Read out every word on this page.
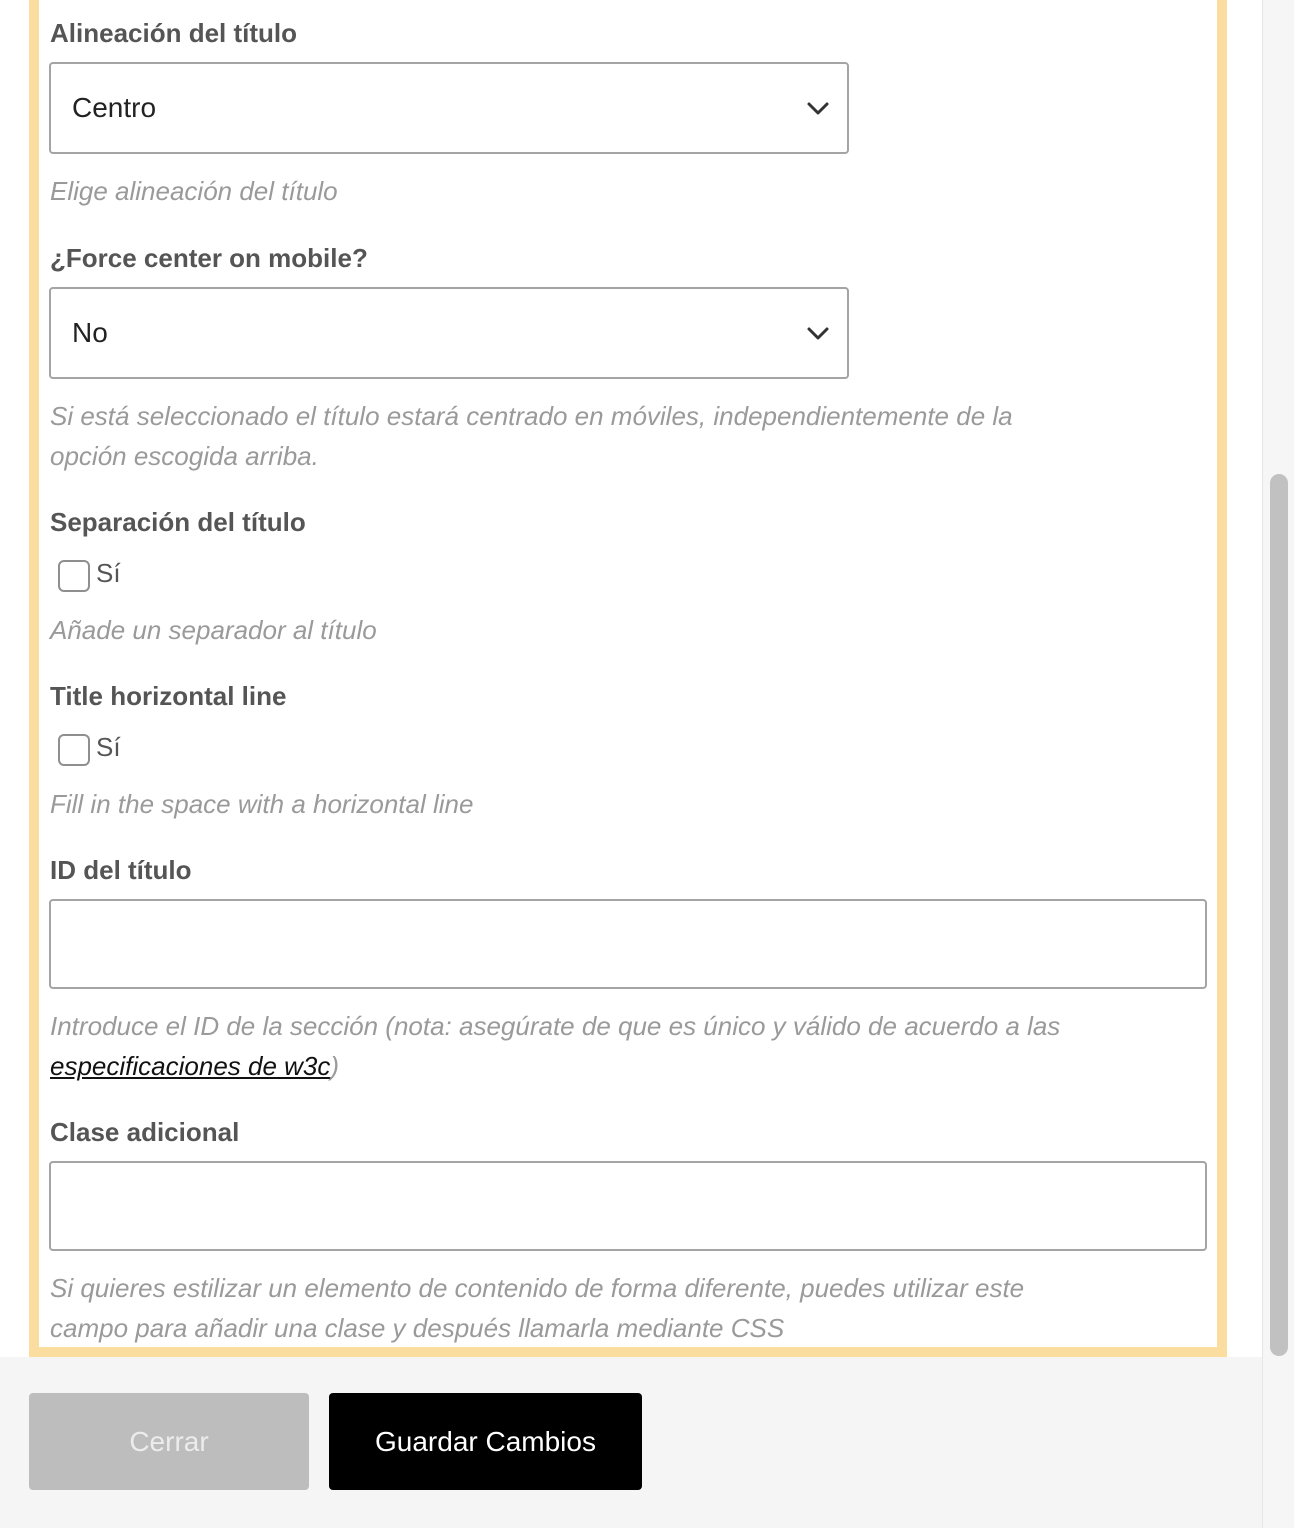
Alineación del título
Centro
Elige alineación del título
¿Force center on mobile?
No
Si está seleccionado el título estará centrado en móviles, independientemente de la
opción escogida arriba.
Separación del título
Sí
Añade un separador al título
Title horizontal line
Sí
Fill in the space with a horizontal line
ID del título
Introduce el ID de la sección (nota: asegúrate de que es único y válido de acuerdo a las
especificaciones de w3c)
Clase adicional
Si quieres estilizar un elemento de contenido de forma diferente, puedes utilizar este
campo para añadir una clase y después llamarla mediante CSS
Cerrar	Guardar Cambios
